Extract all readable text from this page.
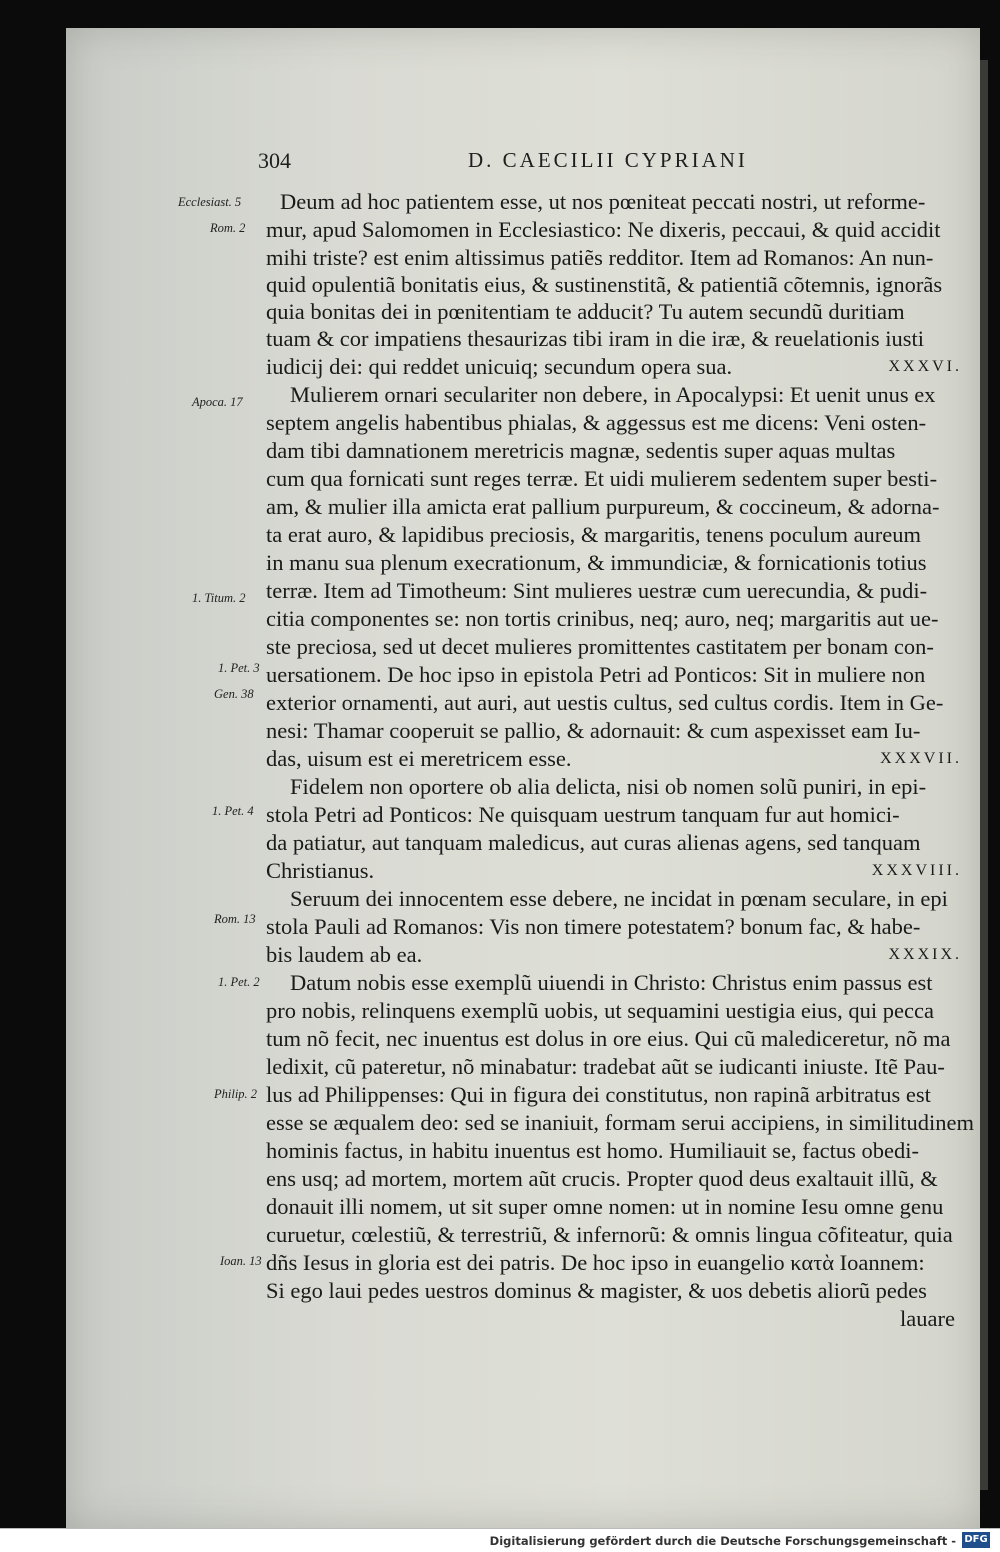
304	D. CAECILII CYPRIANI
Deum ad hoc patientem esse, ut nos pœniteat peccati nostri, ut reforme-
mur, apud Salomomen in Ecclesiastico: Ne dixeris, peccaui, & quid accidit
mihi triste? est enim altissimus patiẽs redditor. Item ad Romanos: An nun-
quid opulentiã bonitatis eius, & sustinenstitã, & patientiã cõtemnis, ignorãs
quia bonitas dei in pœnitentiam te adducit? Tu autem secundũ duritiam
tuam & cor impatiens thesaurizas tibi iram in die iræ, & reuelationis iusti
iudicij dei: qui reddet unicuiq; secundum opera sua.	XXXVI.
Mulierem ornari seculariter non debere, in Apocalypsi: Et uenit unus ex
septem angelis habentibus phialas, & aggessus est me dicens: Veni osten-
dam tibi damnationem meretricis magnæ, sedentis super aquas multas
cum qua fornicati sunt reges terræ. Et uidi mulierem sedentem super besti-
am, & mulier illa amicta erat pallium purpureum, & coccineum, & adorna-
ta erat auro, & lapidibus preciosis, & margaritis, tenens poculum aureum
in manu sua plenum execrationum, & immundiciæ, & fornicationis totius
terræ. Item ad Timotheum: Sint mulieres uestræ cum uerecundia, & pudi-
citia componentes se: non tortis crinibus, neq; auro, neq; margaritis aut ue-
ste preciosa, sed ut decet mulieres promittentes castitatem per bonam con-
uersationem. De hoc ipso in epistola Petri ad Ponticos: Sit in muliere non
exterior ornamenti, aut auri, aut uestis cultus, sed cultus cordis. Item in Ge-
nesi: Thamar cooperuit se pallio, & adornauit: & cum aspexisset eam Iu-
das, uisum est ei meretricem esse.	XXXVII.
Fidelem non oportere ob alia delicta, nisi ob nomen solũ puniri, in epi-
stola Petri ad Ponticos: Ne quisquam uestrum tanquam fur aut homici-
da patiatur, aut tanquam maledicus, aut curas alienas agens, sed tanquam
Christianus.	XXXVIII.
Seruum dei innocentem esse debere, ne incidat in pœnam seculare, in epi
stola Pauli ad Romanos: Vis non timere potestatem? bonum fac, & habe-
bis laudem ab ea.	XXXIX.
Datum nobis esse exemplũ uiuendi in Christo: Christus enim passus est
pro nobis, relinquens exemplũ uobis, ut sequamini uestigia eius, qui pecca
tum nõ fecit, nec inuentus est dolus in ore eius. Qui cũ malediceretur, nõ ma
ledixit, cũ pateretur, nõ minabatur: tradebat aũt se iudicanti iniuste. Itẽ Pau-
lus ad Philippenses: Qui in figura dei constitutus, non rapinã arbitratus est
esse se æqualem deo: sed se inaniuit, formam serui accipiens, in similitudinem
hominis factus, in habitu inuentus est homo. Humiliauit se, factus obedi-
ens usq; ad mortem, mortem aũt crucis. Propter quod deus exaltauit illũ, &
donauit illi nomem, ut sit super omne nomen: ut in nomine Iesu omne genu
curuetur, cœlestiũ, & terrestriũ, & infernorũ: & omnis lingua cõfiteatur, quia
dñs Iesus in gloria est dei patris. De hoc ipso in euangelio κατὰ Ioannem:
Si ego laui pedes uestros dominus & magister, & uos debetis aliorũ pedes
lauare
Ecclesiast. 5
Rom. 2
Apoca. 17
1. Titum. 2
1. Pet. 3
Gen. 38
1. Pet. 4
Rom. 13
1. Pet. 2
Philip. 2
Ioan. 13
Digitalisierung gefördert durch die Deutsche Forschungsgemeinschaft - DFG
